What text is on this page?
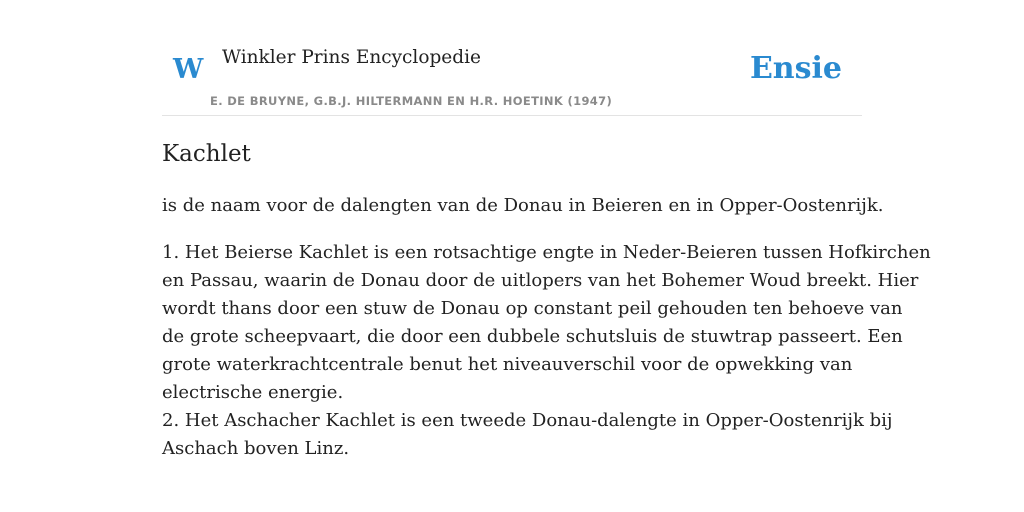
W Winkler Prins Encyclopedie
E. DE BRUYNE, G.B.J. HILTERMANN EN H.R. HOETINK (1947)
Ensie
Kachlet

is de naam voor de dalengten van de Donau in Beieren en in Opper-Oostenrijk.

1. Het Beierse Kachlet is een rotsachtige engte in Neder-Beieren tussen Hofkirchen
en Passau, waarin de Donau door de uitlopers van het Bohemer Woud breekt. Hier
wordt thans door een stuw de Donau op constant peil gehouden ten behoeve van
de grote scheepvaart, die door een dubbele schutsluis de stuwtrap passeert. Een
grote waterkrachtcentrale benut het niveauverschil voor de opwekking van
electrische energie.
2. Het Aschacher Kachlet is een tweede Donau-dalengte in Opper-Oostenrijk bij
Aschach boven Linz.
